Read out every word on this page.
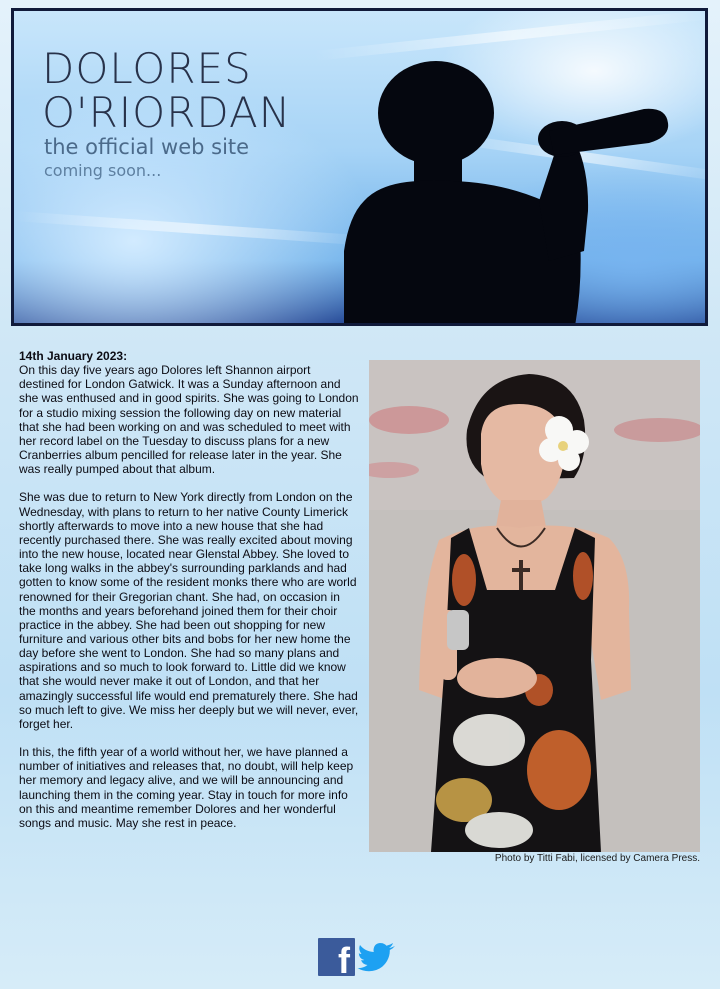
DOLORES
O'RIORDAN

the official web site

coming soon...

14th January 2023:
On this day five years ago Dolores left Shannon airport destined for London Gatwick. It was a Sunday afternoon and she was enthused and in good spirits. She was going to London for a studio mixing session the following day on new material that she had been working on and was scheduled to meet with her record label on the Tuesday to discuss plans for a new Cranberries album pencilled for release later in the year. She was really pumped about that album.

She was due to return to New York directly from London on the Wednesday, with plans to return to her native County Limerick shortly afterwards to move into a new house that she had recently purchased there. She was really excited about moving into the new house, located near Glenstal Abbey. She loved to take long walks in the abbey's surrounding parklands and had gotten to know some of the resident monks there who are world renowned for their Gregorian chant. She had, on occasion in the months and years beforehand joined them for their choir practice in the abbey. She had been out shopping for new furniture and various other bits and bobs for her new home the day before she went to London. She had so many plans and aspirations and so much to look forward to. Little did we know that she would never make it out of London, and that her amazingly successful life would end prematurely there. She had so much left to give. We miss her deeply but we will never, ever, forget her.

In this, the fifth year of a world without her, we have planned a number of initiatives and releases that, no doubt, will help keep her memory and legacy alive, and we will be announcing and launching them in the coming year. Stay in touch for more info on this and meantime remember Dolores and her wonderful songs and music. May she rest in peace.

Photo by Titti Fabi, licensed by Camera Press.
f
